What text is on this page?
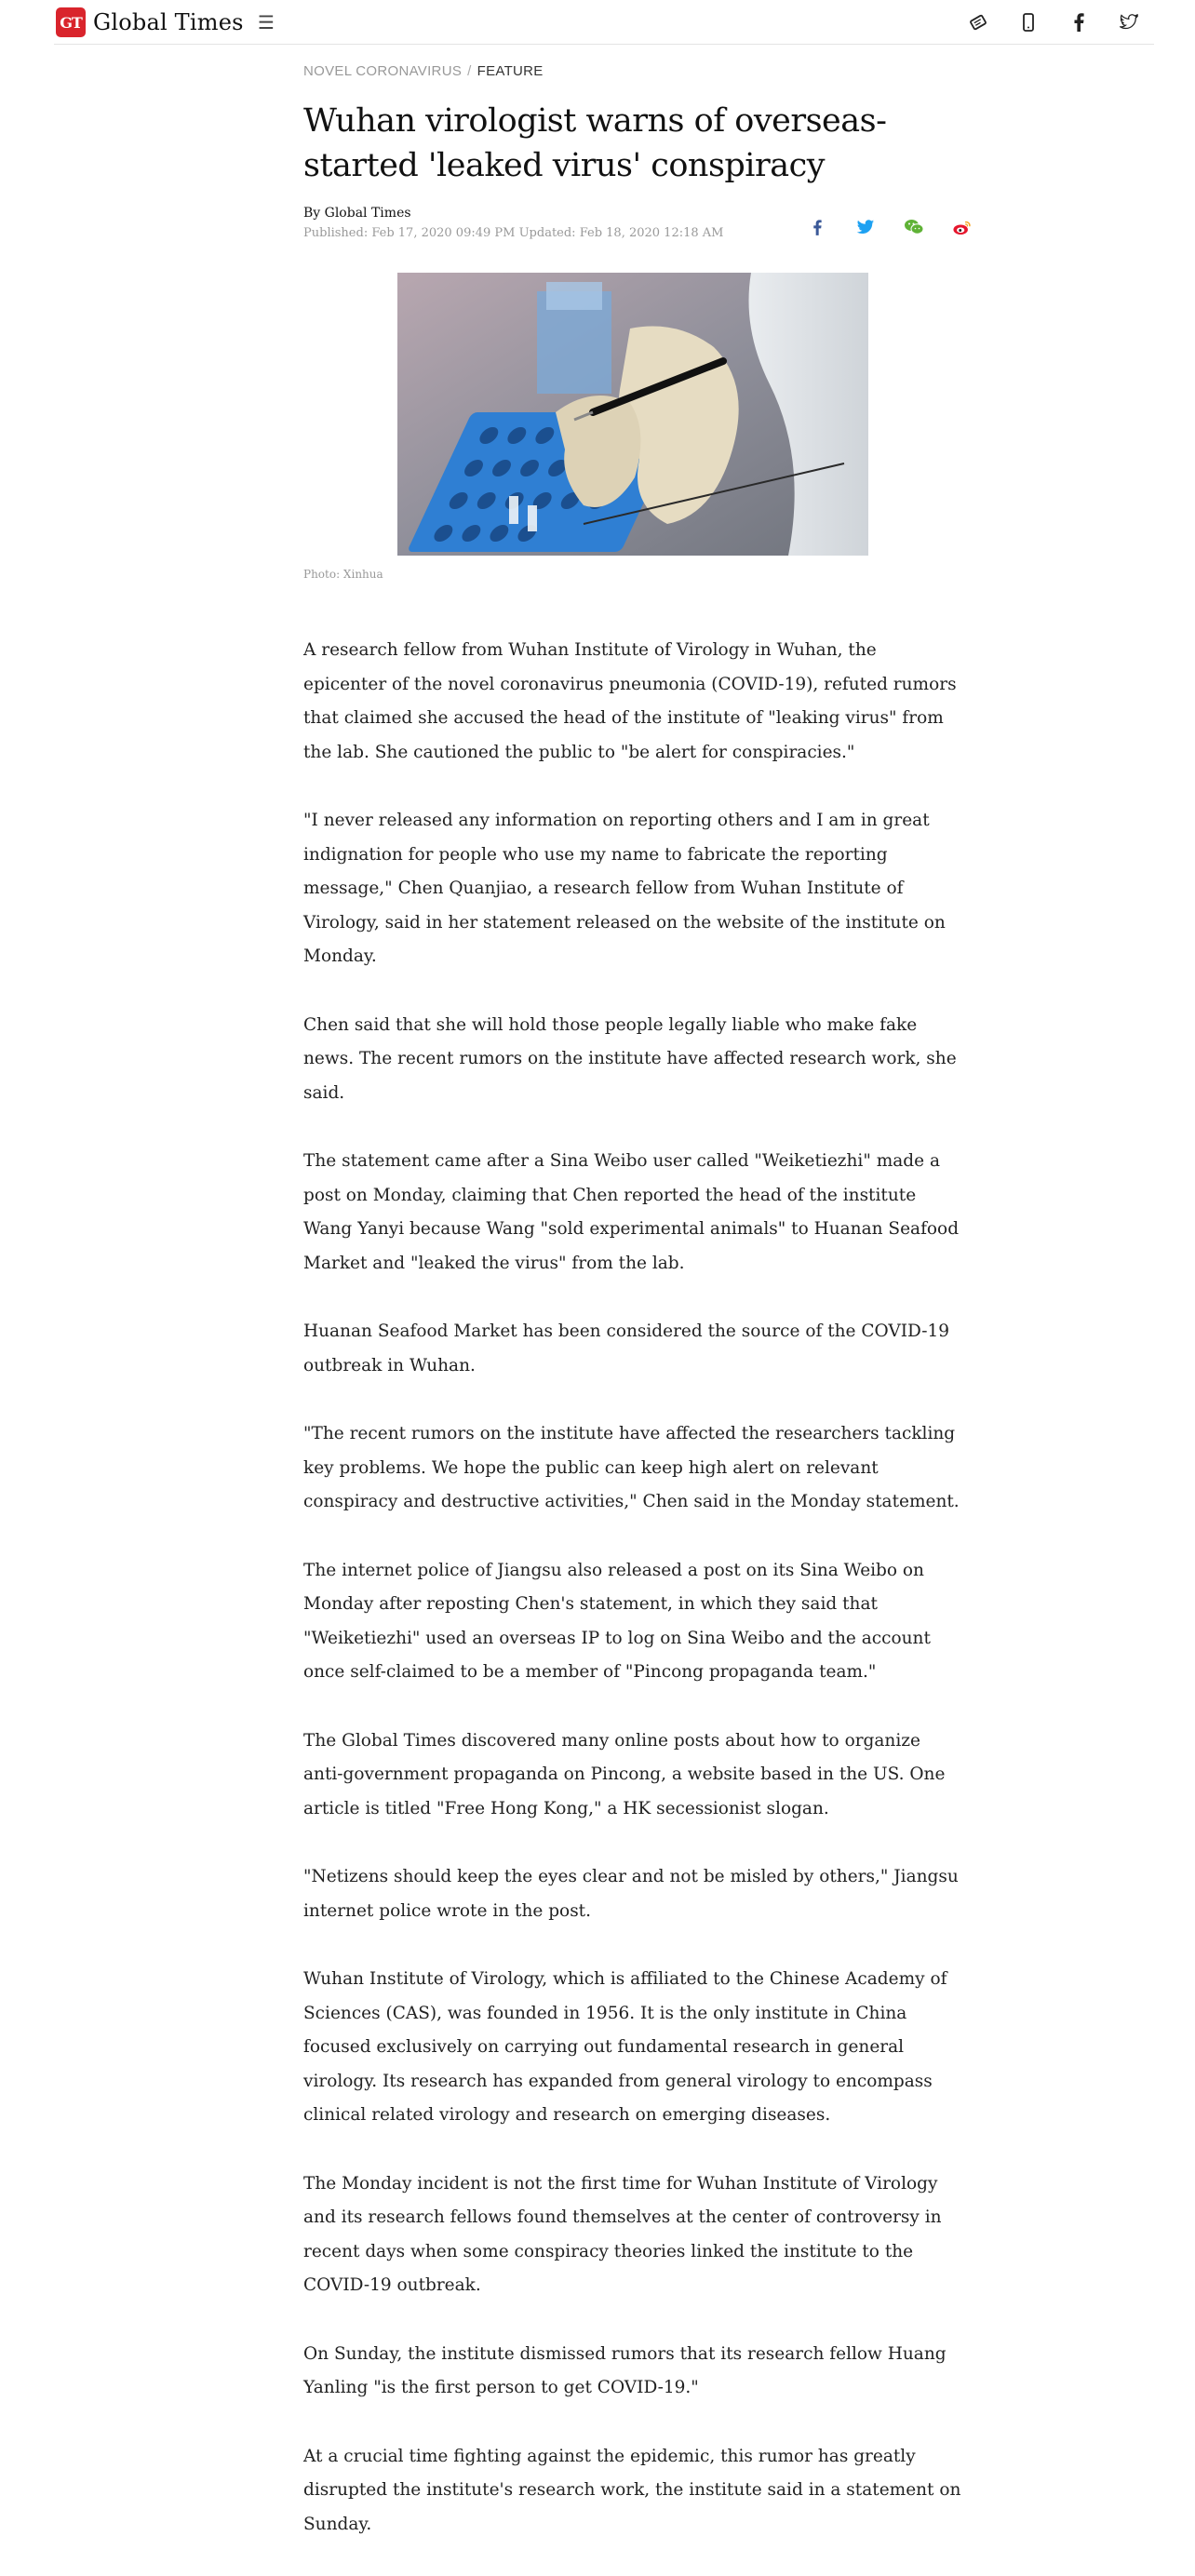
GT Global Times ☰
NOVEL CORONAVIRUS / FEATURE
Wuhan virologist warns of overseas-started 'leaked virus' conspiracy
By Global Times
Published: Feb 17, 2020 09:49 PM Updated: Feb 18, 2020 12:18 AM
Photo: Xinhua

A research fellow from Wuhan Institute of Virology in Wuhan, the epicenter of the novel coronavirus pneumonia (COVID-19), refuted rumors that claimed she accused the head of the institute of "leaking virus" from the lab. She cautioned the public to "be alert for conspiracies."

"I never released any information on reporting others and I am in great indignation for people who use my name to fabricate the reporting message," Chen Quanjiao, a research fellow from Wuhan Institute of Virology, said in her statement released on the website of the institute on Monday.

Chen said that she will hold those people legally liable who make fake news. The recent rumors on the institute have affected research work, she said.

The statement came after a Sina Weibo user called "Weiketiezhi" made a post on Monday, claiming that Chen reported the head of the institute Wang Yanyi because Wang "sold experimental animals" to Huanan Seafood Market and "leaked the virus" from the lab.

Huanan Seafood Market has been considered the source of the COVID-19 outbreak in Wuhan.

"The recent rumors on the institute have affected the researchers tackling key problems. We hope the public can keep high alert on relevant conspiracy and destructive activities," Chen said in the Monday statement.

The internet police of Jiangsu also released a post on its Sina Weibo on Monday after reposting Chen's statement, in which they said that "Weiketiezhi" used an overseas IP to log on Sina Weibo and the account once self-claimed to be a member of "Pincong propaganda team."

The Global Times discovered many online posts about how to organize anti-government propaganda on Pincong, a website based in the US. One article is titled "Free Hong Kong," a HK secessionist slogan.

"Netizens should keep the eyes clear and not be misled by others," Jiangsu internet police wrote in the post.

Wuhan Institute of Virology, which is affiliated to the Chinese Academy of Sciences (CAS), was founded in 1956. It is the only institute in China focused exclusively on carrying out fundamental research in general virology. Its research has expanded from general virology to encompass clinical related virology and research on emerging diseases.

The Monday incident is not the first time for Wuhan Institute of Virology and its research fellows found themselves at the center of controversy in recent days when some conspiracy theories linked the institute to the COVID-19 outbreak.

On Sunday, the institute dismissed rumors that its research fellow Huang Yanling "is the first person to get COVID-19."

At a crucial time fighting against the epidemic, this rumor has greatly disrupted the institute's research work, the institute said in a statement on Sunday.
